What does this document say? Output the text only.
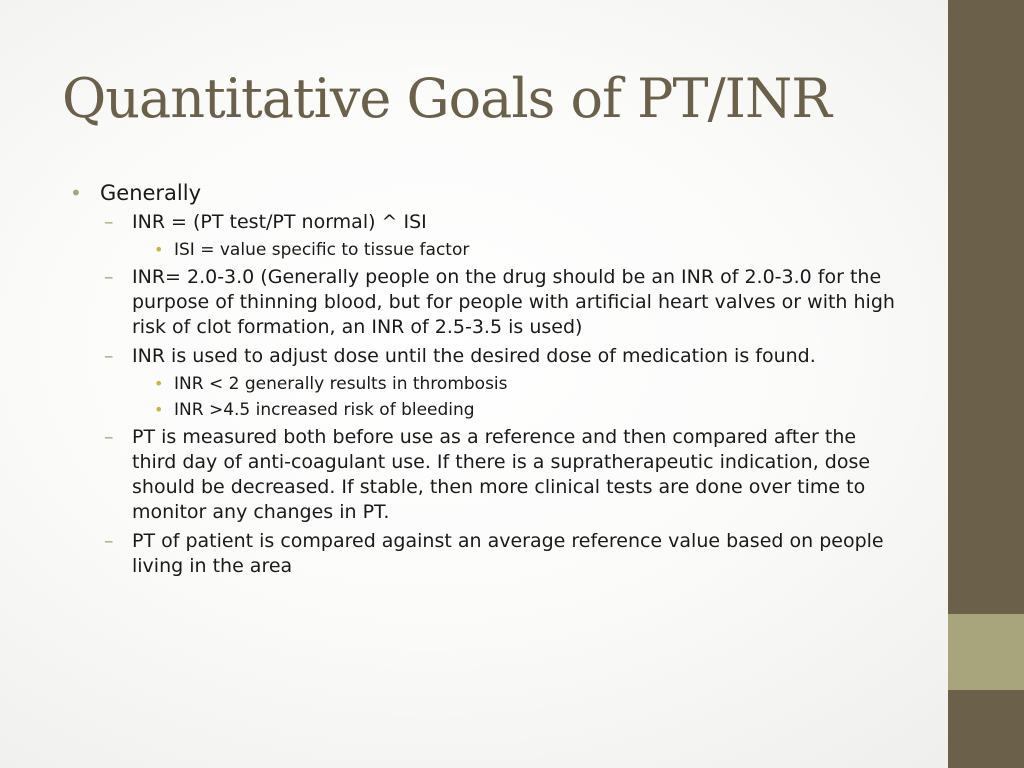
Quantitative Goals of PT/INR
• Generally
– INR = (PT test/PT normal) ^ ISI
• ISI = value specific to tissue factor
– INR= 2.0-3.0 (Generally people on the drug should be an INR of 2.0-3.0 for the purpose of thinning blood, but for people with artificial heart valves or with high risk of clot formation, an INR of 2.5-3.5 is used)
– INR is used to adjust dose until the desired dose of medication is found.
• INR < 2 generally results in thrombosis
• INR >4.5 increased risk of bleeding
– PT is measured both before use as a reference and then compared after the third day of anti-coagulant use. If there is a supratherapeutic indication, dose should be decreased. If stable, then more clinical tests are done over time to monitor any changes in PT.
– PT of patient is compared against an average reference value based on people living in the area
